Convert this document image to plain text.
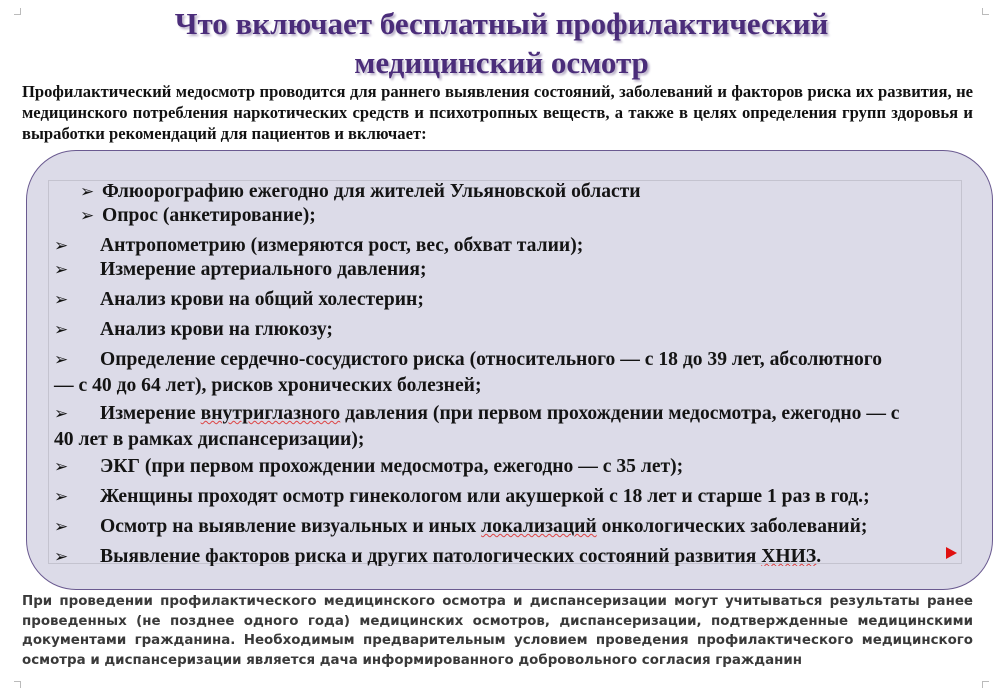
Что включает бесплатный профилактический
медицинский осмотр
Профилактический медосмотр проводится для раннего выявления состояний, заболеваний и факторов риска их развития, не медицинского потребления наркотических средств и психотропных веществ, а также в целях определения групп здоровья и выработки рекомендаций для пациентов и включает:
➢ Флюорографию ежегодно для жителей Ульяновской области
➢ Опрос (анкетирование);
➢ Антропометрию (измеряются рост, вес, обхват талии);
➢ Измерение артериального давления;
➢ Анализ крови на общий холестерин;
➢ Анализ крови на глюкозу;
➢ Определение сердечно-сосудистого риска (относительного — с 18 до 39 лет, абсолютного
— с 40 до 64 лет), рисков хронических болезней;
➢ Измерение внутриглазного давления (при первом прохождении медосмотра, ежегодно — с
40 лет в рамках диспансеризации);
➢ ЭКГ (при первом прохождении медосмотра, ежегодно — с 35 лет);
➢ Женщины проходят осмотр гинекологом или акушеркой с 18 лет и старше 1 раз в год.;
➢ Осмотр на выявление визуальных и иных локализаций онкологических заболеваний;
➢ Выявление факторов риска и других патологических состояний развития ХНИЗ.
При проведении профилактического медицинского осмотра и диспансеризации могут учитываться результаты ранее проведенных (не позднее одного года) медицинских осмотров, диспансеризации, подтвержденные медицинскими документами гражданина. Необходимым предварительным условием проведения профилактического медицинского осмотра и диспансеризации является дача информированного добровольного согласия гражданин
